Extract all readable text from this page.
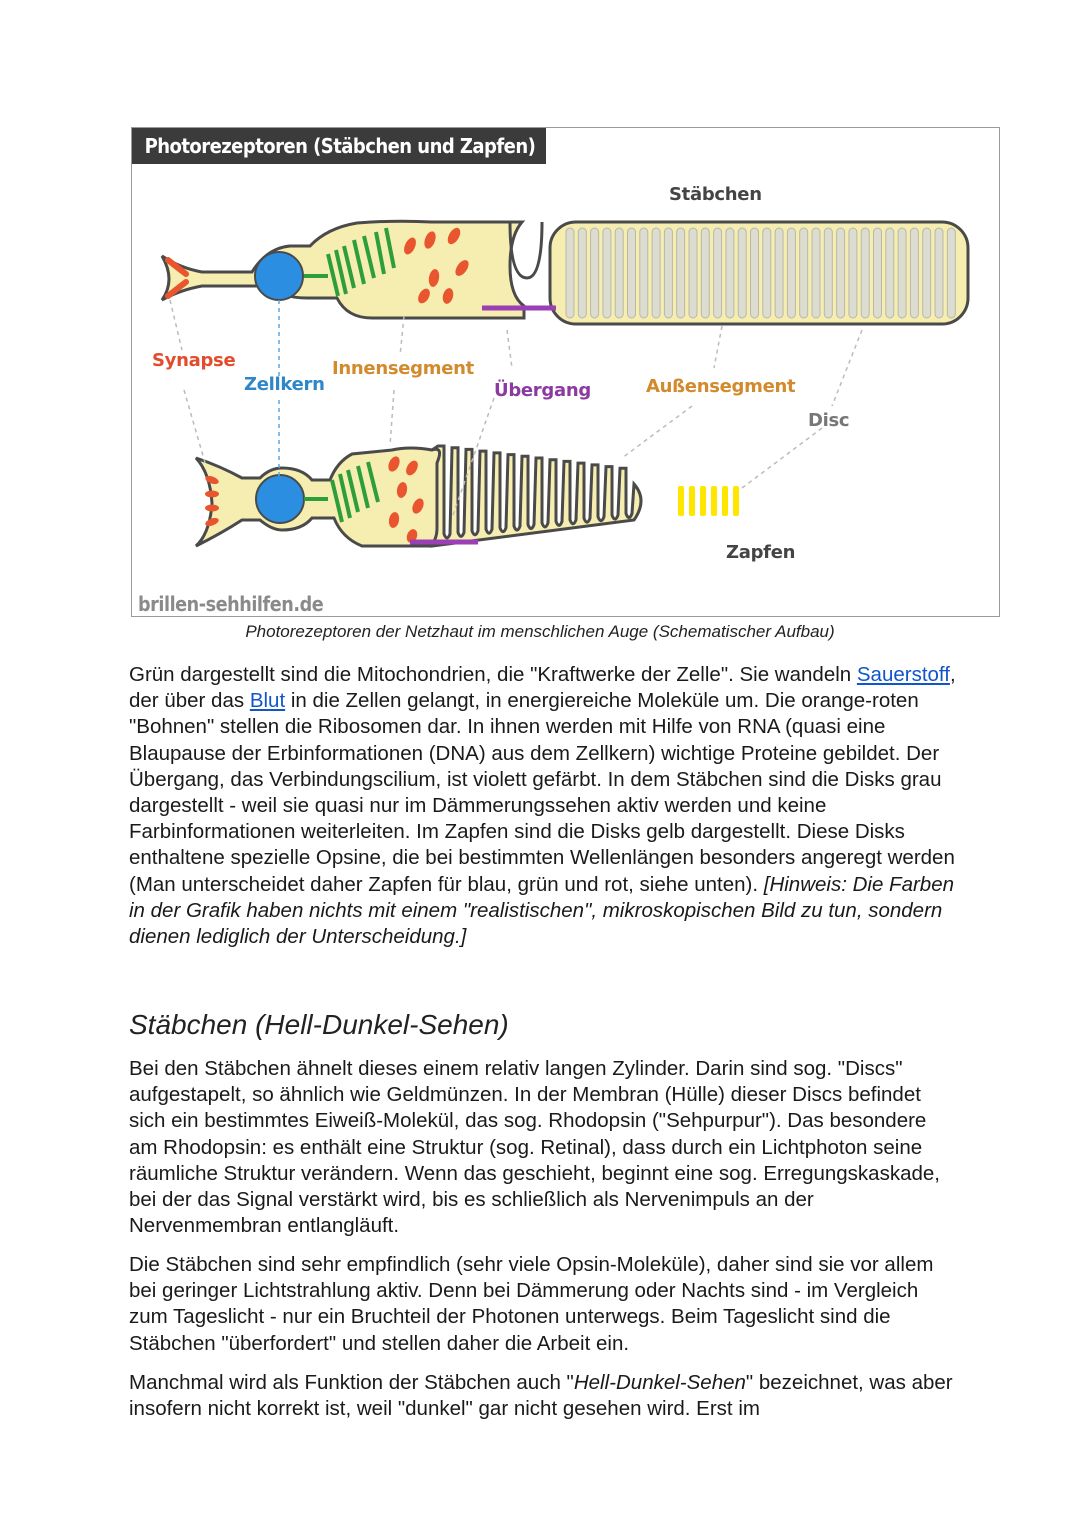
Photorezeptoren (Stäbchen und Zapfen)
Stäbchen
Synapse
Zellkern
Innensegment
Übergang	Außensegment
Disc
Zapfen
brillen-sehhilfen.de
Photorezeptoren der Netzhaut im menschlichen Auge (Schematischer Aufbau)
Grün dargestellt sind die Mitochondrien, die "Kraftwerke der Zelle". Sie wandeln Sauerstoff, der über das Blut in die Zellen gelangt, in energiereiche Moleküle um. Die orange-roten "Bohnen" stellen die Ribosomen dar. In ihnen werden mit Hilfe von RNA (quasi eine Blaupause der Erbinformationen (DNA) aus dem Zellkern) wichtige Proteine gebildet. Der Übergang, das Verbindungscilium, ist violett gefärbt. In dem Stäbchen sind die Disks grau dargestellt - weil sie quasi nur im Dämmerungssehen aktiv werden und keine Farbinformationen weiterleiten. Im Zapfen sind die Disks gelb dargestellt. Diese Disks enthaltene spezielle Opsine, die bei bestimmten Wellenlängen besonders angeregt werden (Man unterscheidet daher Zapfen für blau, grün und rot, siehe unten). [Hinweis: Die Farben in der Grafik haben nichts mit einem "realistischen", mikroskopischen Bild zu tun, sondern dienen lediglich der Unterscheidung.]
Stäbchen (Hell-Dunkel-Sehen)
Bei den Stäbchen ähnelt dieses einem relativ langen Zylinder. Darin sind sog. "Discs" aufgestapelt, so ähnlich wie Geldmünzen. In der Membran (Hülle) dieser Discs befindet sich ein bestimmtes Eiweiß-Molekül, das sog. Rhodopsin ("Sehpurpur"). Das besondere am Rhodopsin: es enthält eine Struktur (sog. Retinal), dass durch ein Lichtphoton seine räumliche Struktur verändern. Wenn das geschieht, beginnt eine sog. Erregungskaskade, bei der das Signal verstärkt wird, bis es schließlich als Nervenimpuls an der Nervenmembran entlangläuft.
Die Stäbchen sind sehr empfindlich (sehr viele Opsin-Moleküle), daher sind sie vor allem bei geringer Lichtstrahlung aktiv. Denn bei Dämmerung oder Nachts sind - im Vergleich zum Tageslicht - nur ein Bruchteil der Photonen unterwegs. Beim Tageslicht sind die Stäbchen "überfordert" und stellen daher die Arbeit ein.
Manchmal wird als Funktion der Stäbchen auch "Hell-Dunkel-Sehen" bezeichnet, was aber insofern nicht korrekt ist, weil "dunkel" gar nicht gesehen wird. Erst im
